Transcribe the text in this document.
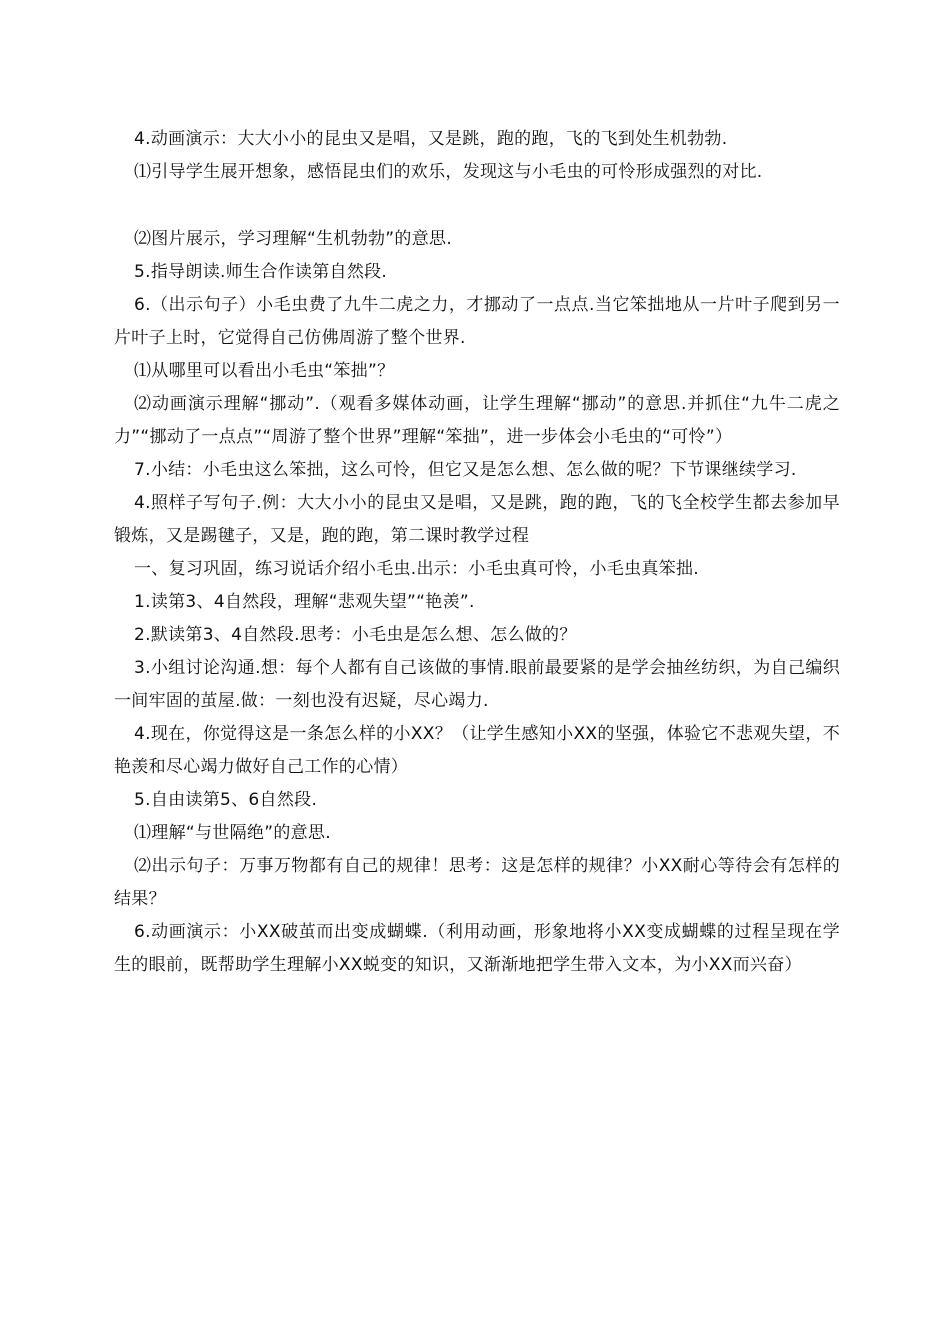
4.动画演示：大大小小的昆虫又是唱，又是跳，跑的跑，飞的飞到处生机勃勃.

⑴引导学生展开想象，感悟昆虫们的欢乐，发现这与小毛虫的可怜形成强烈的对比.

⑵图片展示，学习理解“生机勃勃”的意思.

5.指导朗读.师生合作读第自然段.

6.（出示句子）小毛虫费了九牛二虎之力，才挪动了一点点.当它笨拙地从一片叶子爬到另一片叶子上时，它觉得自己仿佛周游了整个世界.

⑴从哪里可以看出小毛虫“笨拙”？

⑵动画演示理解“挪动”.（观看多媒体动画，让学生理解“挪动”的意思.并抓住“九牛二虎之力”“挪动了一点点”“周游了整个世界”理解“笨拙”，进一步体会小毛虫的“可怜”）

7.小结：小毛虫这么笨拙，这么可怜，但它又是怎么想、怎么做的呢？下节课继续学习.

4.照样子写句子.例：大大小小的昆虫又是唱，又是跳，跑的跑，飞的飞全校学生都去参加早锻炼，又是踢毽子，又是，跑的跑，第二课时教学过程

一、复习巩固，练习说话介绍小毛虫.出示：小毛虫真可怜，小毛虫真笨拙.

1.读第3、4自然段，理解“悲观失望”“艳羡”.

2.默读第3、4自然段.思考：小毛虫是怎么想、怎么做的？

3.小组讨论沟通.想：每个人都有自己该做的事情.眼前最要紧的是学会抽丝纺织，为自己编织一间牢固的茧屋.做：一刻也没有迟疑，尽心竭力.

4.现在，你觉得这是一条怎么样的小XX？（让学生感知小XX的坚强，体验它不悲观失望，不艳羡和尽心竭力做好自己工作的心情）

5.自由读第5、6自然段.

⑴理解“与世隔绝”的意思.

⑵出示句子：万事万物都有自己的规律！思考：这是怎样的规律？小XX耐心等待会有怎样的结果？

6.动画演示：小XX破茧而出变成蝴蝶.（利用动画，形象地将小XX变成蝴蝶的过程呈现在学生的眼前，既帮助学生理解小XX蜕变的知识，又渐渐地把学生带入文本，为小XX而兴奋）
